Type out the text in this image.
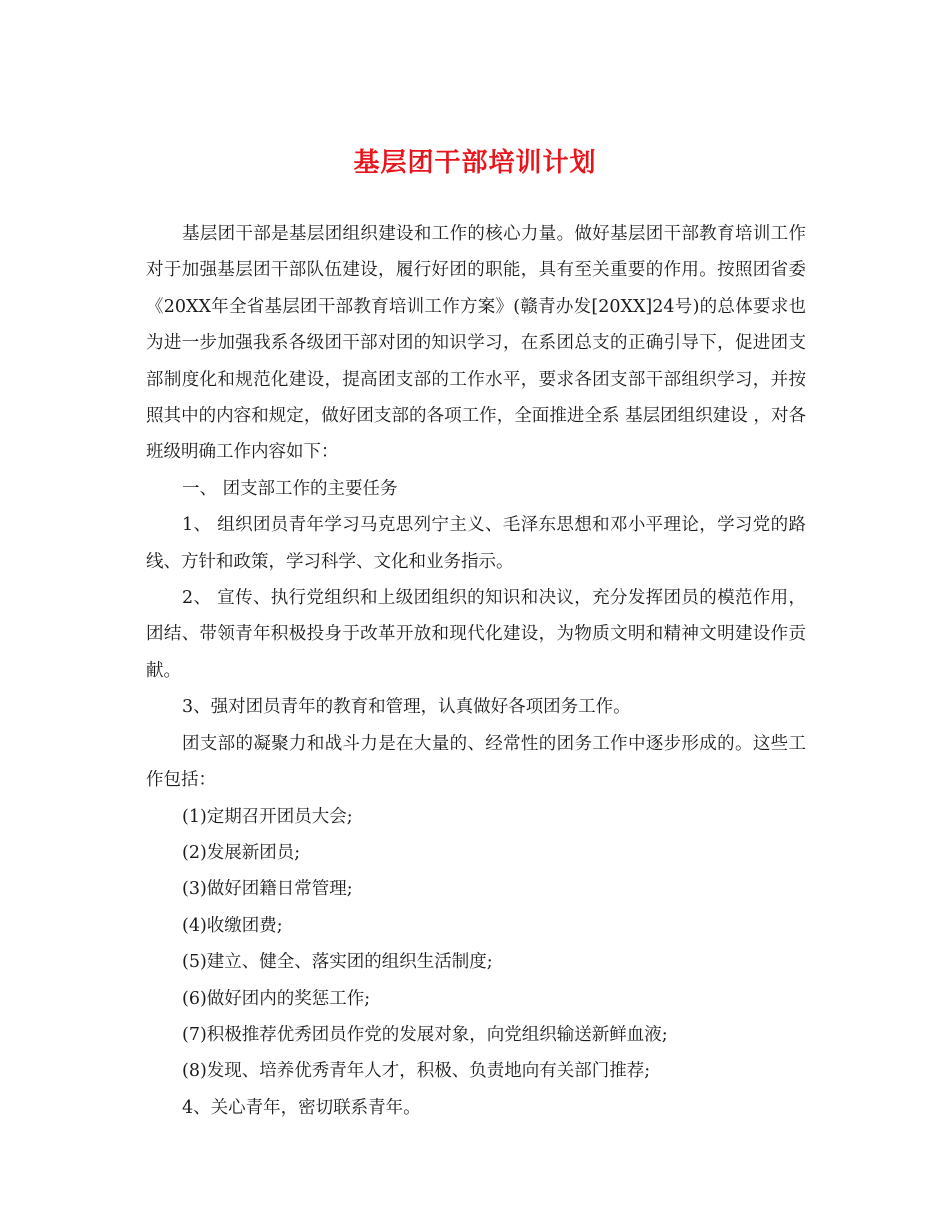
基层团干部培训计划

基层团干部是基层团组织建设和工作的核心力量。做好基层团干部教育培训工作对于加强基层团干部队伍建设，履行好团的职能，具有至关重要的作用。按照团省委 《20XX年全省基层团干部教育培训工作方案》(赣青办发[20XX]24号)的总体要求也为进一步加强我系各级团干部对团的知识学习，在系团总支的正确引导下，促进团支部制度化和规范化建设，提高团支部的工作水平，要求各团支部干部组织学习，并按照其中的内容和规定，做好团支部的各项工作，全面推进全系 基层团组织建设 ，对各班级明确工作内容如下：

一、 团支部工作的主要任务

1、 组织团员青年学习马克思列宁主义、毛泽东思想和邓小平理论，学习党的路线、方针和政策，学习科学、文化和业务指示。

2、 宣传、执行党组织和上级团组织的知识和决议，充分发挥团员的模范作用，团结、带领青年积极投身于改革开放和现代化建设，为物质文明和精神文明建设作贡献。

3、强对团员青年的教育和管理，认真做好各项团务工作。

团支部的凝聚力和战斗力是在大量的、经常性的团务工作中逐步形成的。这些工作包括：

(1)定期召开团员大会;

(2)发展新团员;

(3)做好团籍日常管理;

(4)收缴团费;

(5)建立、健全、落实团的组织生活制度;

(6)做好团内的奖惩工作;

(7)积极推荐优秀团员作党的发展对象，向党组织输送新鲜血液;

(8)发现、培养优秀青年人才，积极、负责地向有关部门推荐;

4、关心青年，密切联系青年。
